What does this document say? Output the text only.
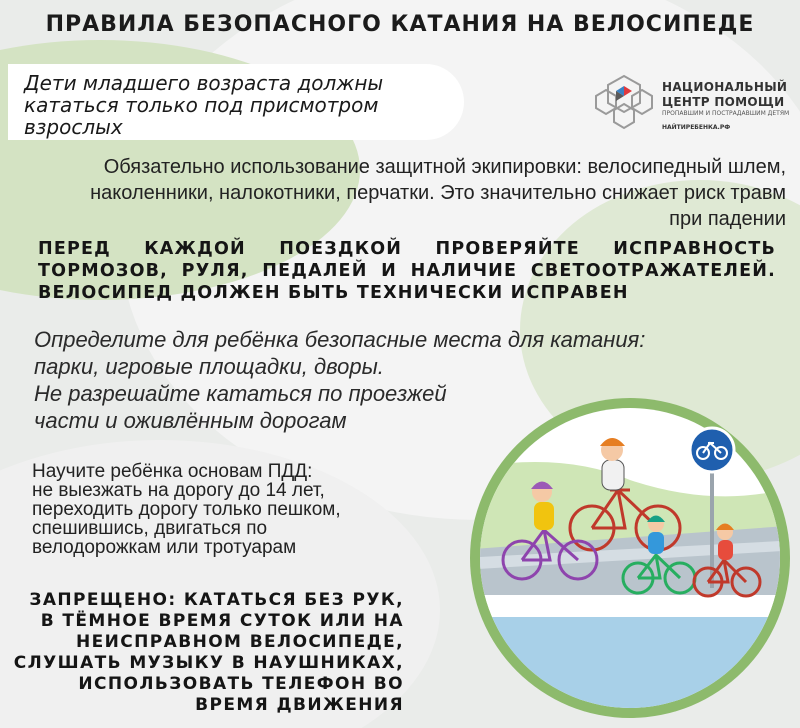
ПРАВИЛА БЕЗОПАСНОГО КАТАНИЯ НА ВЕЛОСИПЕДЕ
Дети младшего возраста должны кататься только под присмотром взрослых
НАЦИОНАЛЬНЫЙ
ЦЕНТР ПОМОЩИ
ПРОПАВШИМ И ПОСТРАДАВШИМ ДЕТЯМ
НАЙТИРЕБЕНКА.РФ
Обязательно использование защитной экипировки: велосипедный шлем, наколенники, налокотники, перчатки. Это значительно снижает риск травм при падении
ПЕРЕД КАЖДОЙ ПОЕЗДКОЙ ПРОВЕРЯЙТЕ ИСПРАВНОСТЬ ТОРМОЗОВ, РУЛЯ, ПЕДАЛЕЙ И НАЛИЧИЕ СВЕТООТРАЖАТЕЛЕЙ. ВЕЛОСИПЕД ДОЛЖЕН БЫТЬ ТЕХНИЧЕСКИ ИСПРАВЕН
Определите для ребёнка безопасные места для катания:
парки, игровые площадки, дворы.
Не разрешайте кататься по проезжей
части и оживлённым дорогам
Научите ребёнка основам ПДД:
не выезжать на дорогу до 14 лет,
переходить дорогу только пешком,
спешившись, двигаться по
велодорожкам или тротуарам
ЗАПРЕЩЕНО: КАТАТЬСЯ БЕЗ РУК,
В ТЁМНОЕ ВРЕМЯ СУТОК ИЛИ НА
НЕИСПРАВНОМ ВЕЛОСИПЕДЕ,
СЛУШАТЬ МУЗЫКУ В НАУШНИКАХ,
ИСПОЛЬЗОВАТЬ ТЕЛЕФОН ВО
ВРЕМЯ ДВИЖЕНИЯ
